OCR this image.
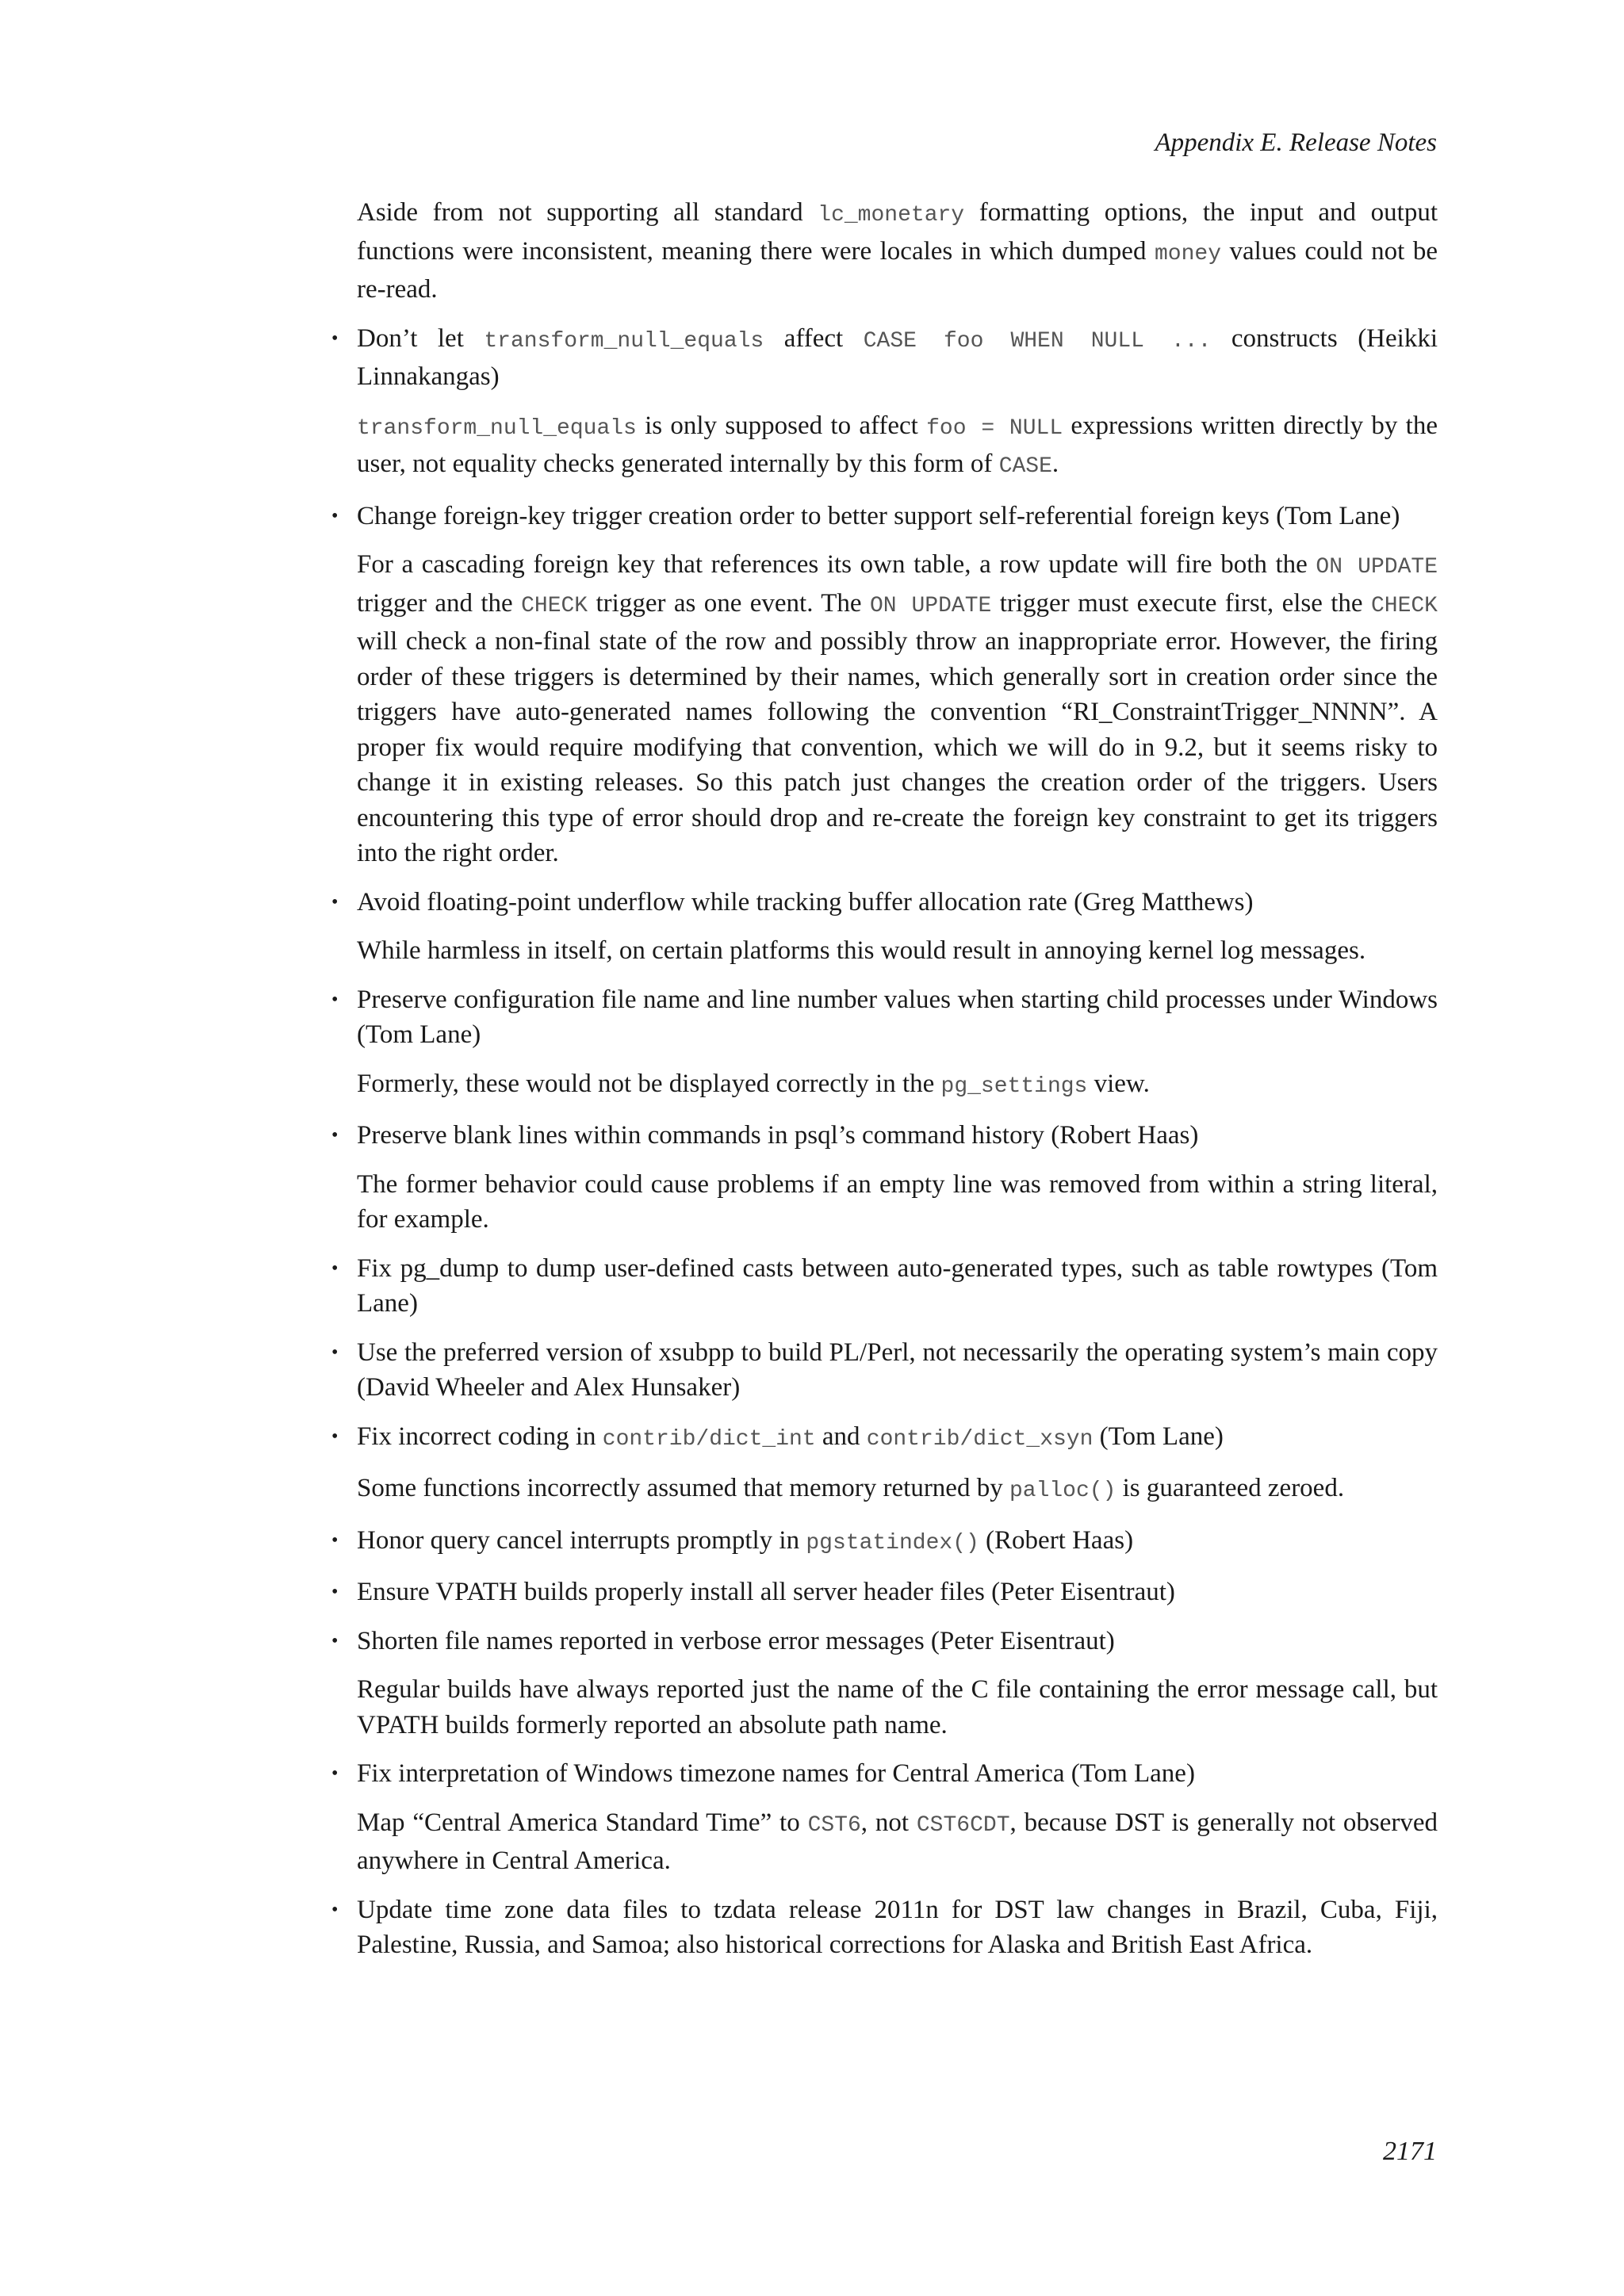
Appendix E. Release Notes

Aside from not supporting all standard lc_monetary formatting options, the input and output functions were inconsistent, meaning there were locales in which dumped money values could not be re-read.

• Don’t let transform_null_equals affect CASE foo WHEN NULL ... constructs (Heikki Linnakangas)

transform_null_equals is only supposed to affect foo = NULL expressions written directly by the user, not equality checks generated internally by this form of CASE.

• Change foreign-key trigger creation order to better support self-referential foreign keys (Tom Lane)

For a cascading foreign key that references its own table, a row update will fire both the ON UPDATE trigger and the CHECK trigger as one event. The ON UPDATE trigger must execute first, else the CHECK will check a non-final state of the row and possibly throw an inappropriate error. However, the firing order of these triggers is determined by their names, which generally sort in creation order since the triggers have auto-generated names following the convention “RI_ConstraintTrigger_NNNN”. A proper fix would require modifying that convention, which we will do in 9.2, but it seems risky to change it in existing releases. So this patch just changes the creation order of the triggers. Users encountering this type of error should drop and re-create the foreign key constraint to get its triggers into the right order.

• Avoid floating-point underflow while tracking buffer allocation rate (Greg Matthews)

While harmless in itself, on certain platforms this would result in annoying kernel log messages.

• Preserve configuration file name and line number values when starting child processes under Windows (Tom Lane)

Formerly, these would not be displayed correctly in the pg_settings view.

• Preserve blank lines within commands in psql’s command history (Robert Haas)

The former behavior could cause problems if an empty line was removed from within a string literal, for example.

• Fix pg_dump to dump user-defined casts between auto-generated types, such as table rowtypes (Tom Lane)

• Use the preferred version of xsubpp to build PL/Perl, not necessarily the operating system’s main copy (David Wheeler and Alex Hunsaker)

• Fix incorrect coding in contrib/dict_int and contrib/dict_xsyn (Tom Lane)

Some functions incorrectly assumed that memory returned by palloc() is guaranteed zeroed.

• Honor query cancel interrupts promptly in pgstatindex() (Robert Haas)

• Ensure VPATH builds properly install all server header files (Peter Eisentraut)

• Shorten file names reported in verbose error messages (Peter Eisentraut)

Regular builds have always reported just the name of the C file containing the error message call, but VPATH builds formerly reported an absolute path name.

• Fix interpretation of Windows timezone names for Central America (Tom Lane)

Map “Central America Standard Time” to CST6, not CST6CDT, because DST is generally not observed anywhere in Central America.

• Update time zone data files to tzdata release 2011n for DST law changes in Brazil, Cuba, Fiji, Palestine, Russia, and Samoa; also historical corrections for Alaska and British East Africa.

2171
